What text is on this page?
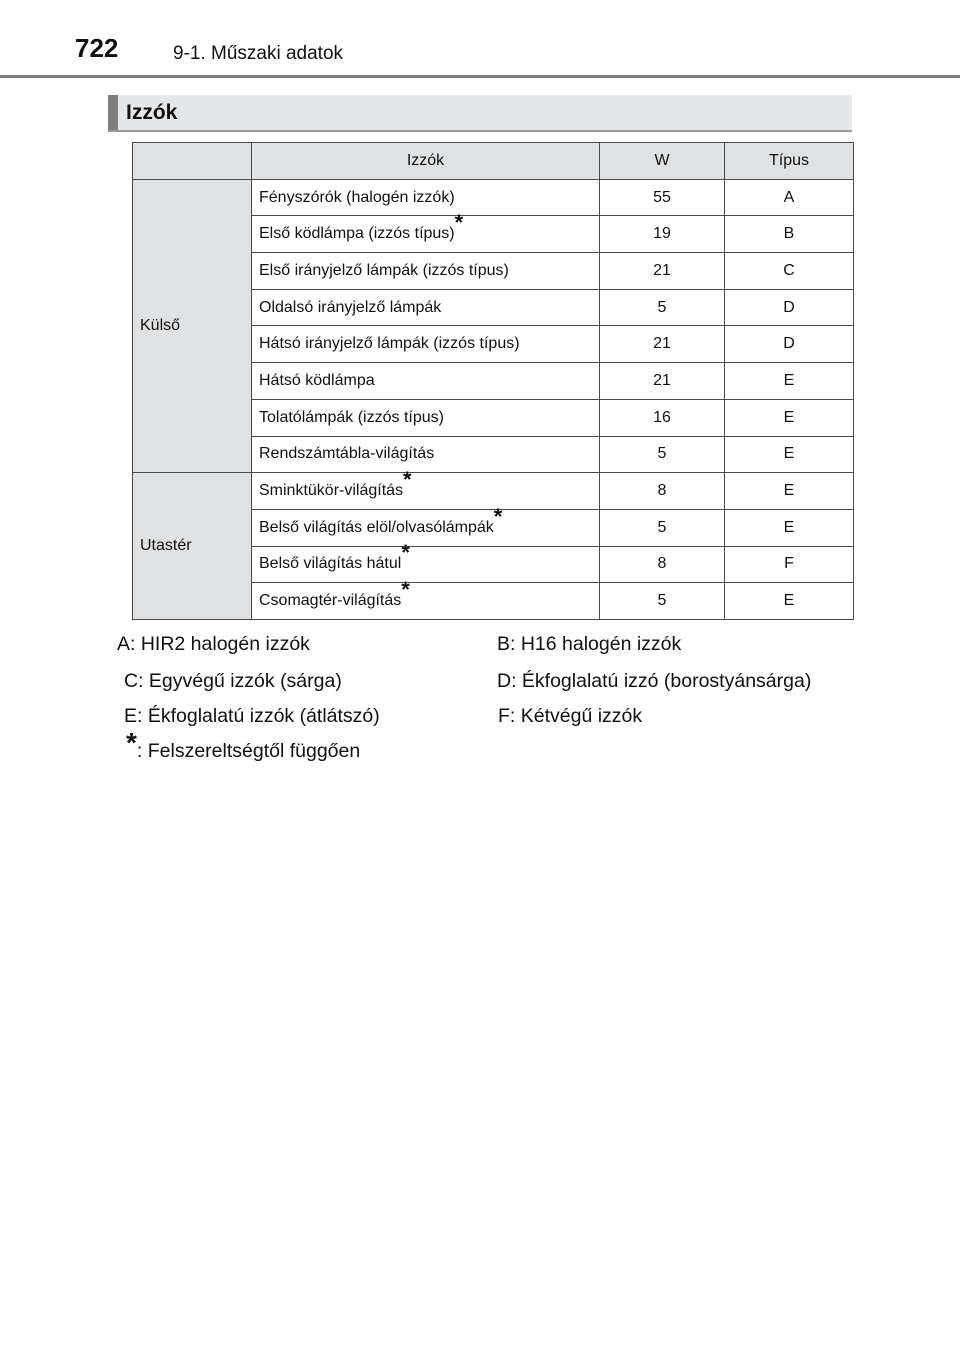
722	9-1. Műszaki adatok
Izzók
	Izzók	W	Típus
Külső	Fényszórók (halogén izzók)	55	A
	Első ködlámpa (izzós típus)*	19	B
	Első irányjelző lámpák (izzós típus)	21	C
	Oldalsó irányjelző lámpák	5	D
	Hátsó irányjelző lámpák (izzós típus)	21	D
	Hátsó ködlámpa	21	E
	Tolatólámpák (izzós típus)	16	E
	Rendszámtábla-világítás	5	E
Utastér	Sminktükör-világítás*	8	E
	Belső világítás elöl/olvasólámpák*	5	E
	Belső világítás hátul*	8	F
	Csomagtér-világítás*	5	E
A: HIR2 halogén izzók	B: H16 halogén izzók
C: Egyvégű izzók (sárga)	D: Ékfoglalatú izzó (borostyánsárga)
E: Ékfoglalatú izzók (átlátszó)	F: Kétvégű izzók
*: Felszereltségtől függően
